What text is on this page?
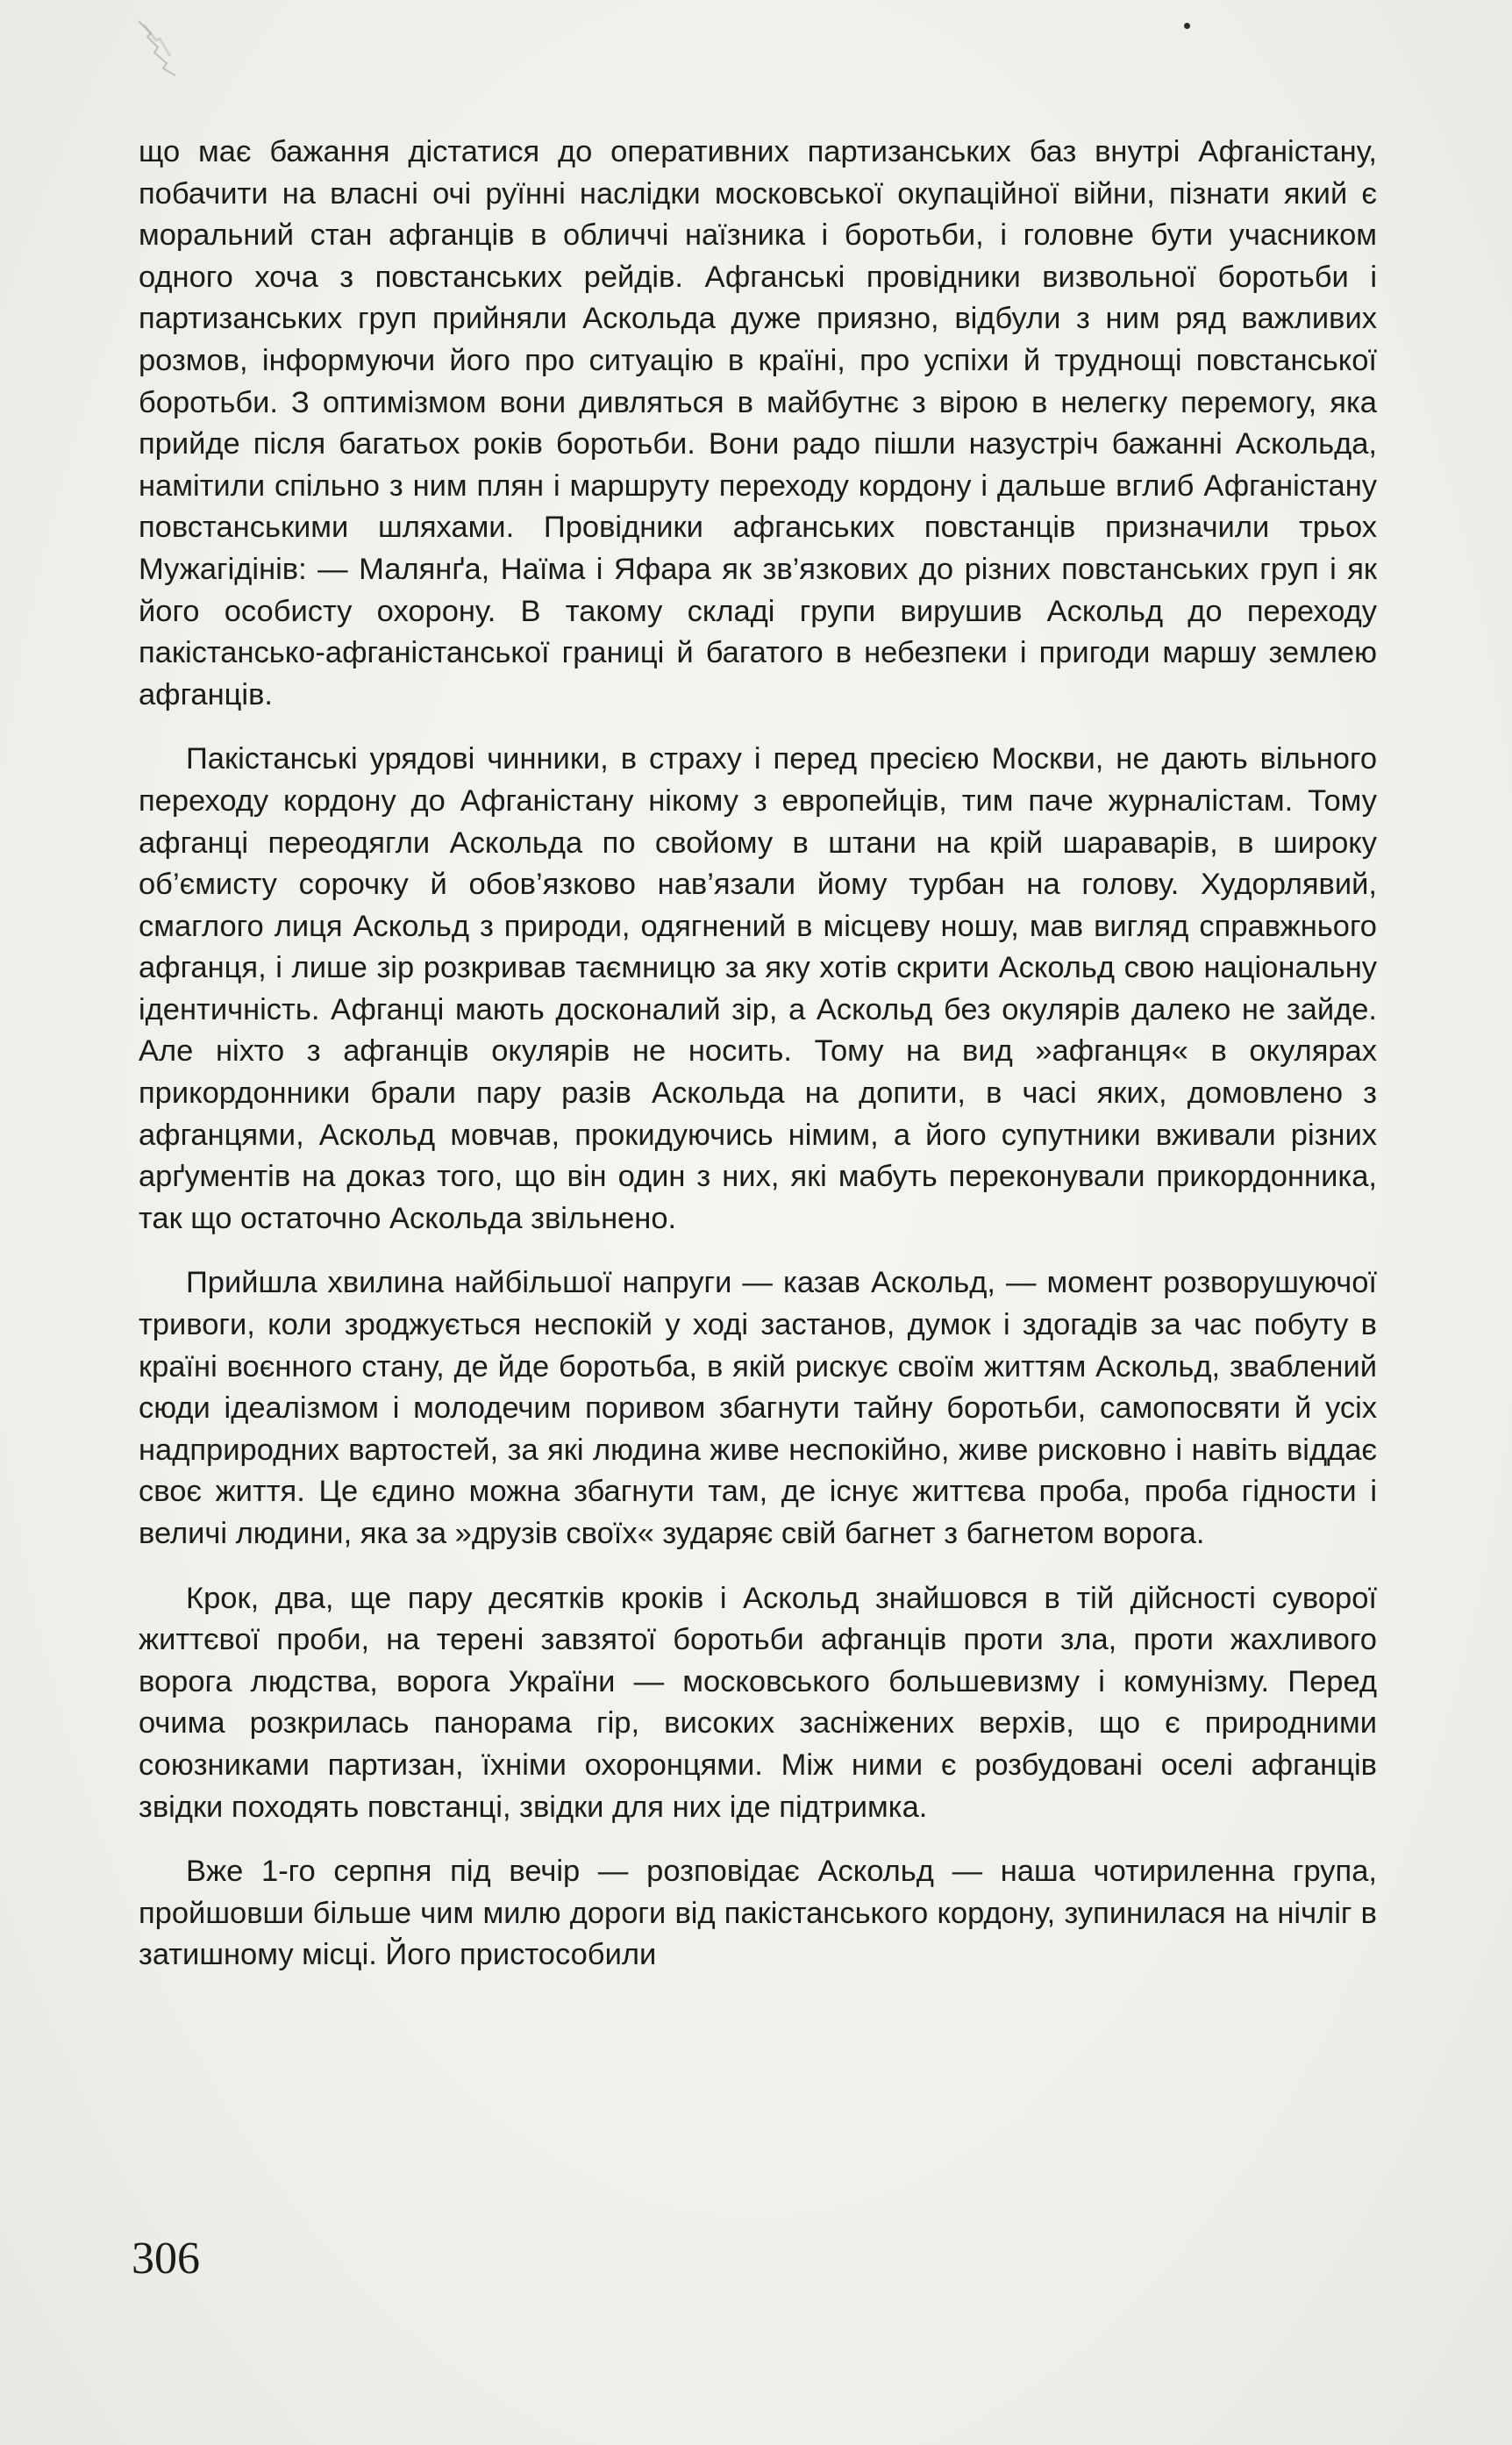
що має бажання дістатися до оперативних партизанських баз внутрі Афганістану, побачити на власні очі руїнні наслідки московської окупаційної війни, пізнати який є моральний стан афганців в обличчі наїзника і боротьби, і головне бути учасником одного хоча з повстанських рейдів. Афганські провідники визвольної боротьби і партизанських груп прийняли Аскольда дуже приязно, відбули з ним ряд важливих розмов, інформуючи його про ситуацію в країні, про успіхи й труднощі повстанської боротьби. З оптимізмом вони дивляться в майбутнє з вірою в нелегку перемогу, яка прийде після багатьох років боротьби. Вони радо пішли назустріч бажанні Аскольда, намітили спільно з ним плян і маршруту переходу кордону і дальше вглиб Афганістану повстанськими шляхами. Провідники афганських повстанців призначили трьох Мужагідінів: — Малянґа, Наїма і Яфара як зв’язкових до різних повстанських груп і як його особисту охорону. В такому складі групи вирушив Аскольд до переходу пакістансько-афганістанської границі й багатого в небезпеки і пригоди маршу землею афганців.

Пакістанські урядові чинники, в страху і перед пресією Москви, не дають вільного переходу кордону до Афганістану нікому з европейців, тим паче журналістам. Тому афганці переодягли Аскольда по свойому в штани на крій шараварів, в широку об’ємисту сорочку й обов’язково нав’язали йому турбан на голову. Худорлявий, смаглого лиця Аскольд з природи, одягнений в місцеву ношу, мав вигляд справжнього афганця, і лише зір розкривав таємницю за яку хотів скрити Аскольд свою національну ідентичність. Афганці мають досконалий зір, а Аскольд без окулярів далеко не зайде. Але ніхто з афганців окулярів не носить. Тому на вид »афганця« в окулярах прикордонники брали пару разів Аскольда на допити, в часі яких, домовлено з афганцями, Аскольд мовчав, прокидуючись німим, а його супутники вживали різних арґументів на доказ того, що він один з них, які мабуть переконували прикордонника, так що остаточно Аскольда звільнено.

Прийшла хвилина найбільшої напруги — казав Аскольд, — момент розворушуючої тривоги, коли зроджується неспокій у ході застанов, думок і здогадів за час побуту в країні воєнного стану, де йде боротьба, в якій рискує своїм життям Аскольд, зваблений сюди ідеалізмом і молодечим поривом збагнути тайну боротьби, самопосвяти й усіх надприродних вартостей, за які людина живе неспокійно, живе рисковно і навіть віддає своє життя. Це єдино можна збагнути там, де існує життєва проба, проба гідности і величі людини, яка за »друзів своїх« зударяє свій багнет з багнетом ворога.

Крок, два, ще пару десятків кроків і Аскольд знайшовся в тій дійсності суворої життєвої проби, на терені завзятої боротьби афганців проти зла, проти жахливого ворога людства, ворога України — московського большевизму і комунізму. Перед очима розкрилась панорама гір, високих засніжених верхів, що є природними союзниками партизан, їхніми охоронцями. Між ними є розбудовані оселі афганців звідки походять повстанці, звідки для них іде підтримка.

Вже 1-го серпня під вечір — розповідає Аскольд — наша чотириленна група, пройшовши більше чим милю дороги від пакістанського кордону, зупинилася на нічліг в затишному місці. Його пристособили

306
